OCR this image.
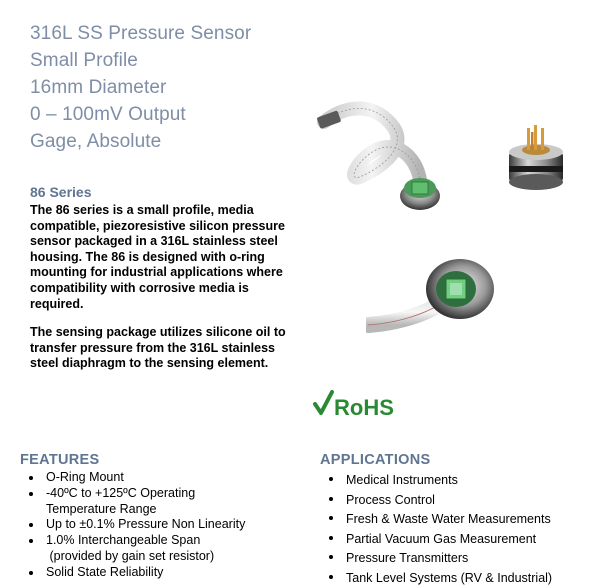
316L SS Pressure Sensor
Small Profile
16mm Diameter
0 – 100mV Output
Gage, Absolute
86 Series
The 86 series is a small profile, media compatible, piezoresistive silicon pressure sensor packaged in a 316L stainless steel housing. The 86 is designed with o-ring mounting for industrial applications where compatibility with corrosive media is required.
The sensing package utilizes silicone oil to transfer pressure from the 316L stainless steel diaphragm to the sensing element.
RoHS
FEATURES
O-Ring Mount
-40ºC to +125ºC Operating
Temperature Range
Up to ±0.1% Pressure Non Linearity
1.0% Interchangeable Span
(provided by gain set resistor)
Solid State Reliability
APPLICATIONS
Medical Instruments
Process Control
Fresh & Waste Water Measurements
Partial Vacuum Gas Measurement
Pressure Transmitters
Tank Level Systems (RV & Industrial)
